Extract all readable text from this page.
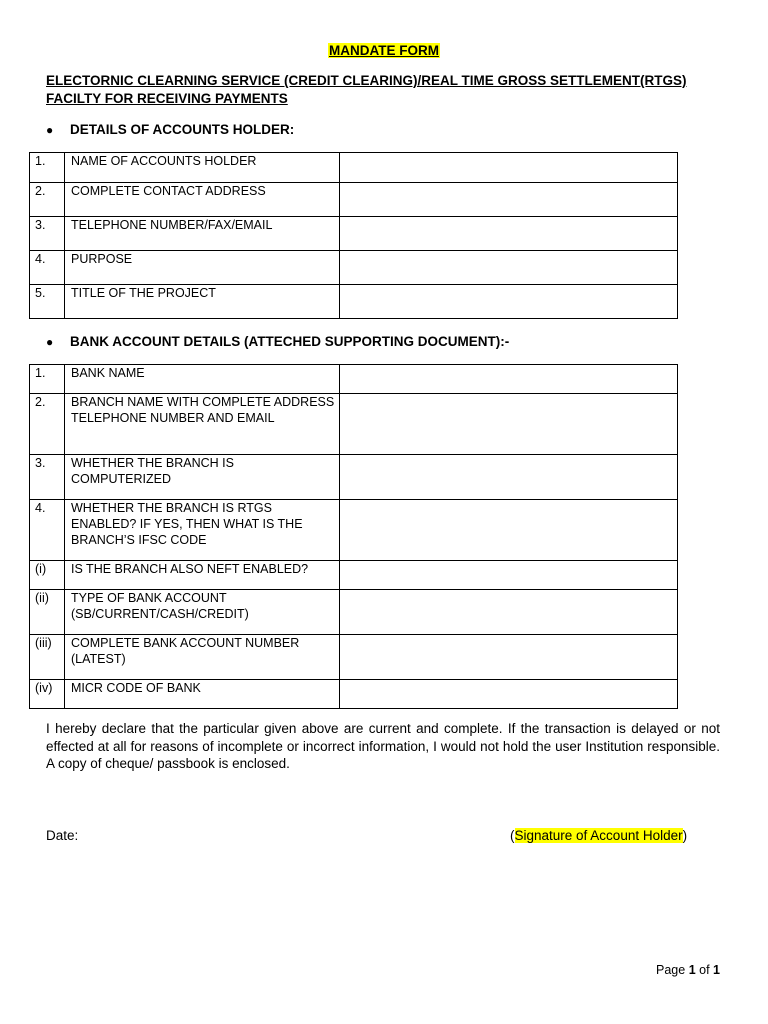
MANDATE FORM
ELECTORNIC CLEARNING SERVICE (CREDIT CLEARING)/REAL TIME GROSS SETTLEMENT(RTGS) FACILTY FOR RECEIVING PAYMENTS
● DETAILS OF ACCOUNTS HOLDER:
1.	NAME OF ACCOUNTS HOLDER	
2.	COMPLETE CONTACT ADDRESS	
3.	TELEPHONE NUMBER/FAX/EMAIL	
4.	PURPOSE	
5.	TITLE OF THE PROJECT	
● BANK ACCOUNT DETAILS (ATTECHED SUPPORTING DOCUMENT):-
1.	BANK NAME	
2.	BRANCH NAME WITH COMPLETE ADDRESS TELEPHONE NUMBER AND EMAIL	
3.	WHETHER THE BRANCH IS COMPUTERIZED	
4.	WHETHER THE BRANCH IS RTGS ENABLED? IF YES, THEN WHAT IS THE BRANCH’S IFSC CODE	
(i)	IS THE BRANCH ALSO NEFT ENABLED?	
(ii)	TYPE OF BANK ACCOUNT (SB/CURRENT/CASH/CREDIT)	
(iii)	COMPLETE BANK ACCOUNT NUMBER (LATEST)	
(iv)	MICR CODE OF BANK	
I hereby declare that the particular given above are current and complete. If the transaction is delayed or not effected at all for reasons of incomplete or incorrect information, I would not hold the user Institution responsible. A copy of cheque/ passbook is enclosed.
Date:	(Signature of Account Holder)
Page 1 of 1
